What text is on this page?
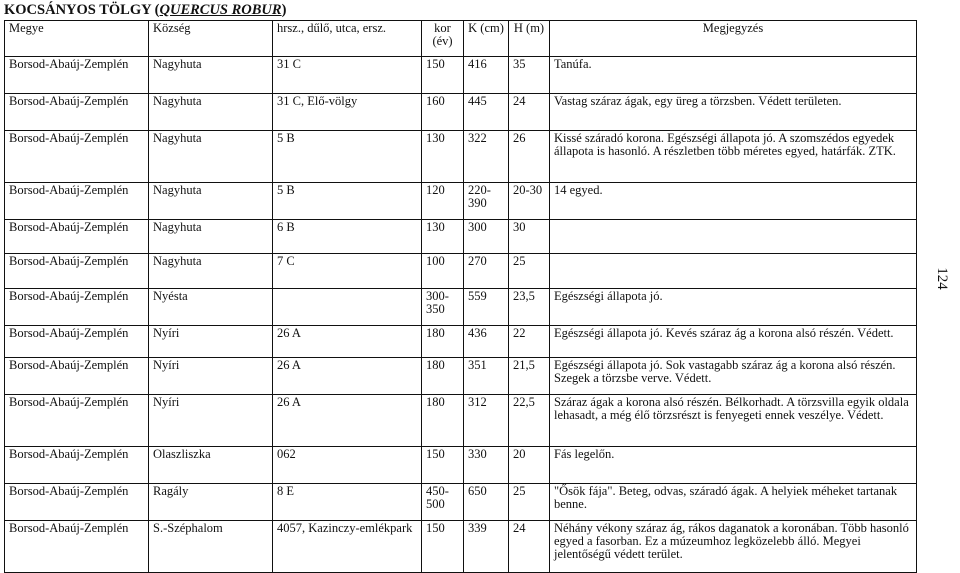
KOCSÁNYOS TÖLGY (QUERCUS ROBUR)
Megye	Község	hrsz., dűlő, utca, ersz.	kor (év)	K (cm)	H (m)	Megjegyzés
Borsod-Abaúj-Zemplén	Nagyhuta	31 C	150	416	35	Tanúfa.
Borsod-Abaúj-Zemplén	Nagyhuta	31 C, Elő-völgy	160	445	24	Vastag száraz ágak, egy üreg a törzsben. Védett területen.
Borsod-Abaúj-Zemplén	Nagyhuta	5 B	130	322	26	Kissé száradó korona. Egészségi állapota jó. A szomszédos egyedek állapota is hasonló. A részletben több méretes egyed, határfák. ZTK.
Borsod-Abaúj-Zemplén	Nagyhuta	5 B	120	220-390	20-30	14 egyed.
Borsod-Abaúj-Zemplén	Nagyhuta	6 B	130	300	30	
Borsod-Abaúj-Zemplén	Nagyhuta	7 C	100	270	25	
Borsod-Abaúj-Zemplén	Nyésta		300-350	559	23,5	Egészségi állapota jó.
Borsod-Abaúj-Zemplén	Nyíri	26 A	180	436	22	Egészségi állapota jó. Kevés száraz ág a korona alsó részén. Védett.
Borsod-Abaúj-Zemplén	Nyíri	26 A	180	351	21,5	Egészségi állapota jó. Sok vastagabb száraz ág a korona alsó részén. Szegek a törzsbe verve. Védett.
Borsod-Abaúj-Zemplén	Nyíri	26 A	180	312	22,5	Száraz ágak a korona alsó részén. Bélkorhadt. A törzsvilla egyik oldala lehasadt, a még élő törzsrészt is fenyegeti ennek veszélye. Védett.
Borsod-Abaúj-Zemplén	Olaszliszka	062	150	330	20	Fás legelőn.
Borsod-Abaúj-Zemplén	Ragály	8 E	450-500	650	25	"Ősök fája". Beteg, odvas, száradó ágak. A helyiek méheket tartanak benne.
Borsod-Abaúj-Zemplén	S.-Széphalom	4057, Kazinczy-emlékpark	150	339	24	Néhány vékony száraz ág, rákos daganatok a koronában. Több hasonló egyed a fasorban. Ez a múzeumhoz legközelebb álló. Megyei jelentőségű védett terület.
124
